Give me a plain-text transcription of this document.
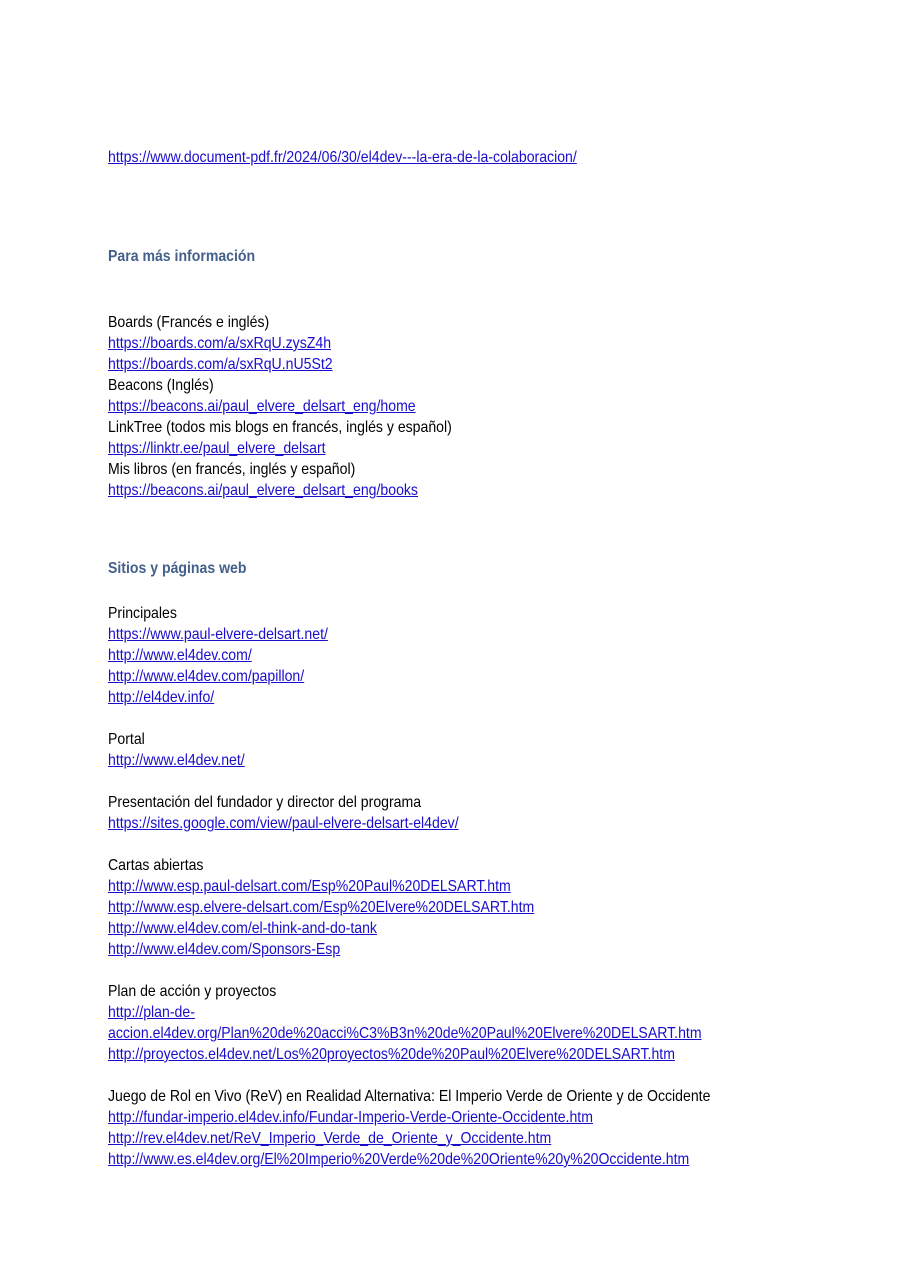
https://www.document-pdf.fr/2024/06/30/el4dev---la-era-de-la-colaboracion/
Para más información
Boards (Francés e inglés)
https://boards.com/a/sxRqU.zysZ4h
https://boards.com/a/sxRqU.nU5St2
Beacons (Inglés)
https://beacons.ai/paul_elvere_delsart_eng/home
LinkTree (todos mis blogs en francés, inglés y español)
https://linktr.ee/paul_elvere_delsart
Mis libros (en francés, inglés y español)
https://beacons.ai/paul_elvere_delsart_eng/books
Sitios y páginas web
Principales
https://www.paul-elvere-delsart.net/
http://www.el4dev.com/
http://www.el4dev.com/papillon/
http://el4dev.info/
Portal
http://www.el4dev.net/
Presentación del fundador y director del programa
https://sites.google.com/view/paul-elvere-delsart-el4dev/
Cartas abiertas
http://www.esp.paul-delsart.com/Esp%20Paul%20DELSART.htm
http://www.esp.elvere-delsart.com/Esp%20Elvere%20DELSART.htm
http://www.el4dev.com/el-think-and-do-tank
http://www.el4dev.com/Sponsors-Esp
Plan de acción y proyectos
http://plan-de-
accion.el4dev.org/Plan%20de%20acci%C3%B3n%20de%20Paul%20Elvere%20DELSART.htm
http://proyectos.el4dev.net/Los%20proyectos%20de%20Paul%20Elvere%20DELSART.htm
Juego de Rol en Vivo (ReV) en Realidad Alternativa: El Imperio Verde de Oriente y de Occidente
http://fundar-imperio.el4dev.info/Fundar-Imperio-Verde-Oriente-Occidente.htm
http://rev.el4dev.net/ReV_Imperio_Verde_de_Oriente_y_Occidente.htm
http://www.es.el4dev.org/El%20Imperio%20Verde%20de%20Oriente%20y%20Occidente.htm
